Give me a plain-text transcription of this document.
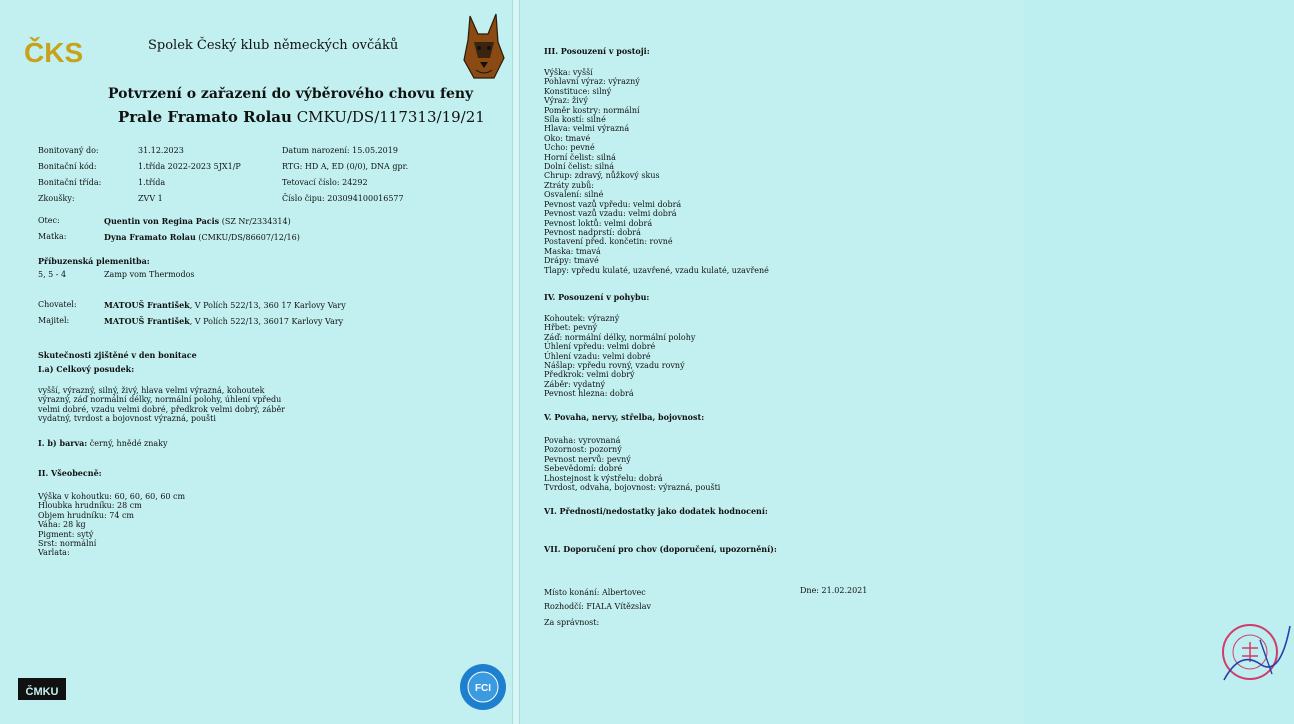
ČKS	Spolek Český klub německých ovčáků
Potvrzení o zařazení do výběrového chovu feny
Prale Framato Rolau CMKU/DS/117313/19/21
Bonitovaný do:	31.12.2023	Datum narození: 15.05.2019
Bonitační kód:	1.třída 2022-2023 5JX1/P	RTG: HD A, ED (0/0), DNA gpr.
Bonitační třída:	1.třída	Tetovací číslo: 24292
Zkoušky:	ZVV 1	Číslo čipu: 203094100016577
Otec:	Quentin von Regina Pacis (SZ Nr/2334314)
Matka:	Dyna Framato Rolau (CMKU/DS/86607/12/16)
Příbuzenská plemenitba:
5, 5 - 4	Zamp vom Thermodos
Chovatel:	MATOUŠ František, V Polích 522/13, 360 17 Karlovy Vary
Majitel:	MATOUŠ František, V Polích 522/13, 36017 Karlovy Vary
Skutečnosti zjištěné v den bonitace
I.a) Celkový posudek:
vyšší, výrazný, silný, živý, hlava velmi výrazná, kohoutek
výrazný, záď normální délky, normální polohy, úhlení vpředu
velmi dobré, vzadu velmi dobré, předkrok velmi dobrý, záběr
vydatný, tvrdost a bojovnost výrazná, poušti
I. b) barva: černý, hnědé znaky
II. Všeobecně:
Výška v kohoutku: 60, 60, 60, 60 cm
Hloubka hrudníku: 28 cm
Objem hrudníku: 74 cm
Váha: 28 kg
Pigment: sytý
Srst: normální
Varlata:
ČMKU	FCI
III. Posouzení v postoji:
Výška: vyšší
Pohlavní výraz: výrazný
Konstituce: silný
Výraz: živý
Poměr kostry: normální
Síla kostí: silné
Hlava: velmi výrazná
Oko: tmavé
Ucho: pevné
Horní čelist: silná
Dolní čelist: silná
Chrup: zdravý, nůžkový skus
Ztráty zubů:
Osvalení: silné
Pevnost vazů vpředu: velmi dobrá
Pevnost vazů vzadu: velmi dobrá
Pevnost loktů: velmi dobrá
Pevnost nadprstí: dobrá
Postavení před. končetin: rovné
Maska: tmavá
Drápy: tmavé
Tlapy: vpředu kulaté, uzavřené, vzadu kulaté, uzavřené
IV. Posouzení v pohybu:
Kohoutek: výrazný
Hřbet: pevný
Záď: normální délky, normální polohy
Úhlení vpředu: velmi dobré
Úhlení vzadu: velmi dobré
Nášlap: vpředu rovný, vzadu rovný
Předkrok: velmi dobrý
Záběr: vydatný
Pevnost hlezna: dobrá
V. Povaha, nervy, střelba, bojovnost:
Povaha: vyrovnaná
Pozornost: pozorný
Pevnost nervů: pevný
Sebevědomí: dobré
Lhostejnost k výstřelu: dobrá
Tvrdost, odvaha, bojovnost: výrazná, poušti
VI. Přednosti/nedostatky jako dodatek hodnocení:
VII. Doporučení pro chov (doporučení, upozornění):
Místo konání: Albertovec	Dne: 21.02.2021
Rozhodčí: FIALA Vítězslav
Za správnost:
